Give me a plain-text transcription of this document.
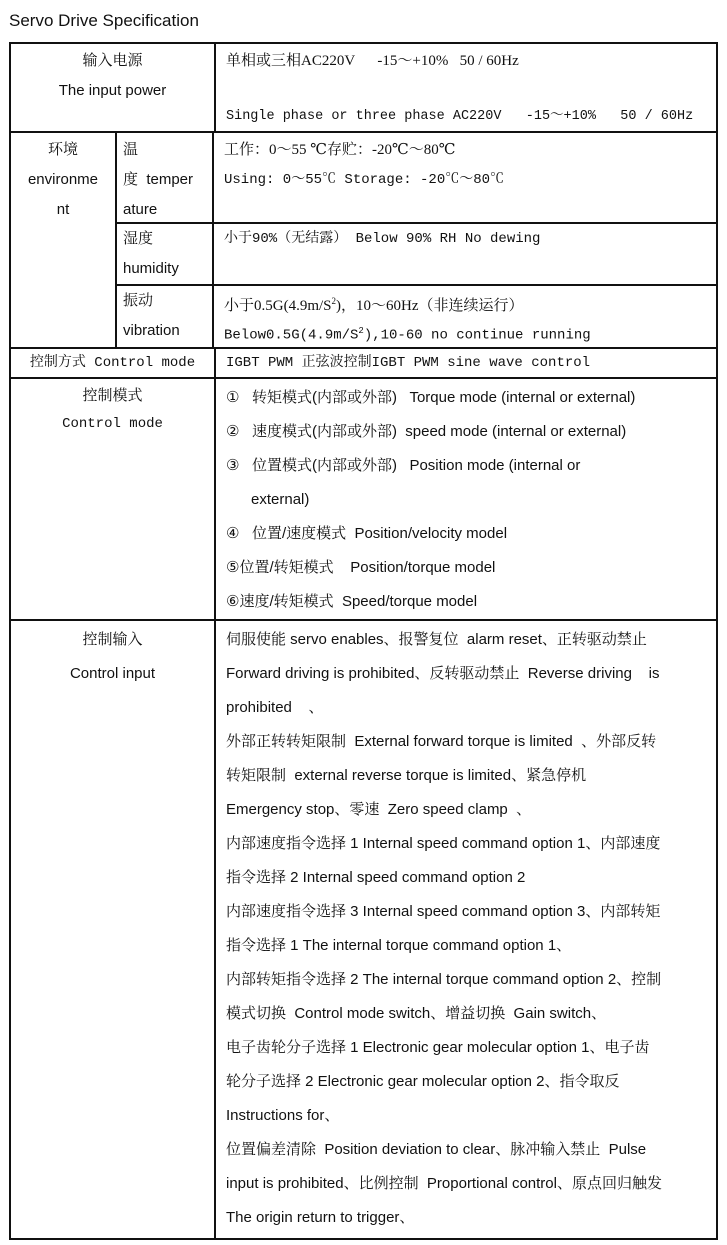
Servo Drive Specification
输入电源
The input power
单相或三相AC220V      -15～+10%   50 / 60Hz
Single phase or three phase AC220V   -15～+10%   50 / 60Hz
环境
environme
nt
温
度  temper
ature
工作：0～55 ℃存贮：-20℃～80℃
Using: 0～55℃ Storage: -20℃～80℃
湿度
humidity
小于90%（无结露） Below 90% RH No dewing
振动
vibration
小于$0.5G(4.9m/S^2)$，10～60Hz（非连续运行）
$Below0.5G(4.9m/S^2),10-60$ no continue running
控制方式 Control mode	IGBT PWM 正弦波控制IGBT PWM sine wave control
控制模式
Control mode
①   转矩模式(内部或外部)   Torque mode (internal or external)
②   速度模式(内部或外部)  speed mode (internal or external)
③   位置模式(内部或外部)   Position mode (internal or
external)
④   位置/速度模式  Position/velocity model
⑤位置/转矩模式    Position/torque model
⑥速度/转矩模式  Speed/torque model
控制输入
Control input
伺服使能 servo enables、报警复位  alarm reset、正转驱动禁止
Forward driving is prohibited、反转驱动禁止  Reverse driving    is
prohibited    、
外部正转转矩限制  External forward torque is limited  、外部反转
转矩限制  external reverse torque is limited、紧急停机
Emergency stop、零速  Zero speed clamp  、
内部速度指令选择 1 Internal speed command option 1、内部速度
指令选择 2 Internal speed command option 2
内部速度指令选择 3 Internal speed command option 3、内部转矩
指令选择 1 The internal torque command option 1、
内部转矩指令选择 2 The internal torque command option 2、控制
模式切换  Control mode switch、增益切换  Gain switch、
电子齿轮分子选择 1 Electronic gear molecular option 1、电子齿
轮分子选择 2 Electronic gear molecular option 2、指令取反
Instructions for、
位置偏差清除  Position deviation to clear、脉冲输入禁止  Pulse
input is prohibited、比例控制  Proportional control、原点回归触发
The origin return to trigger、
